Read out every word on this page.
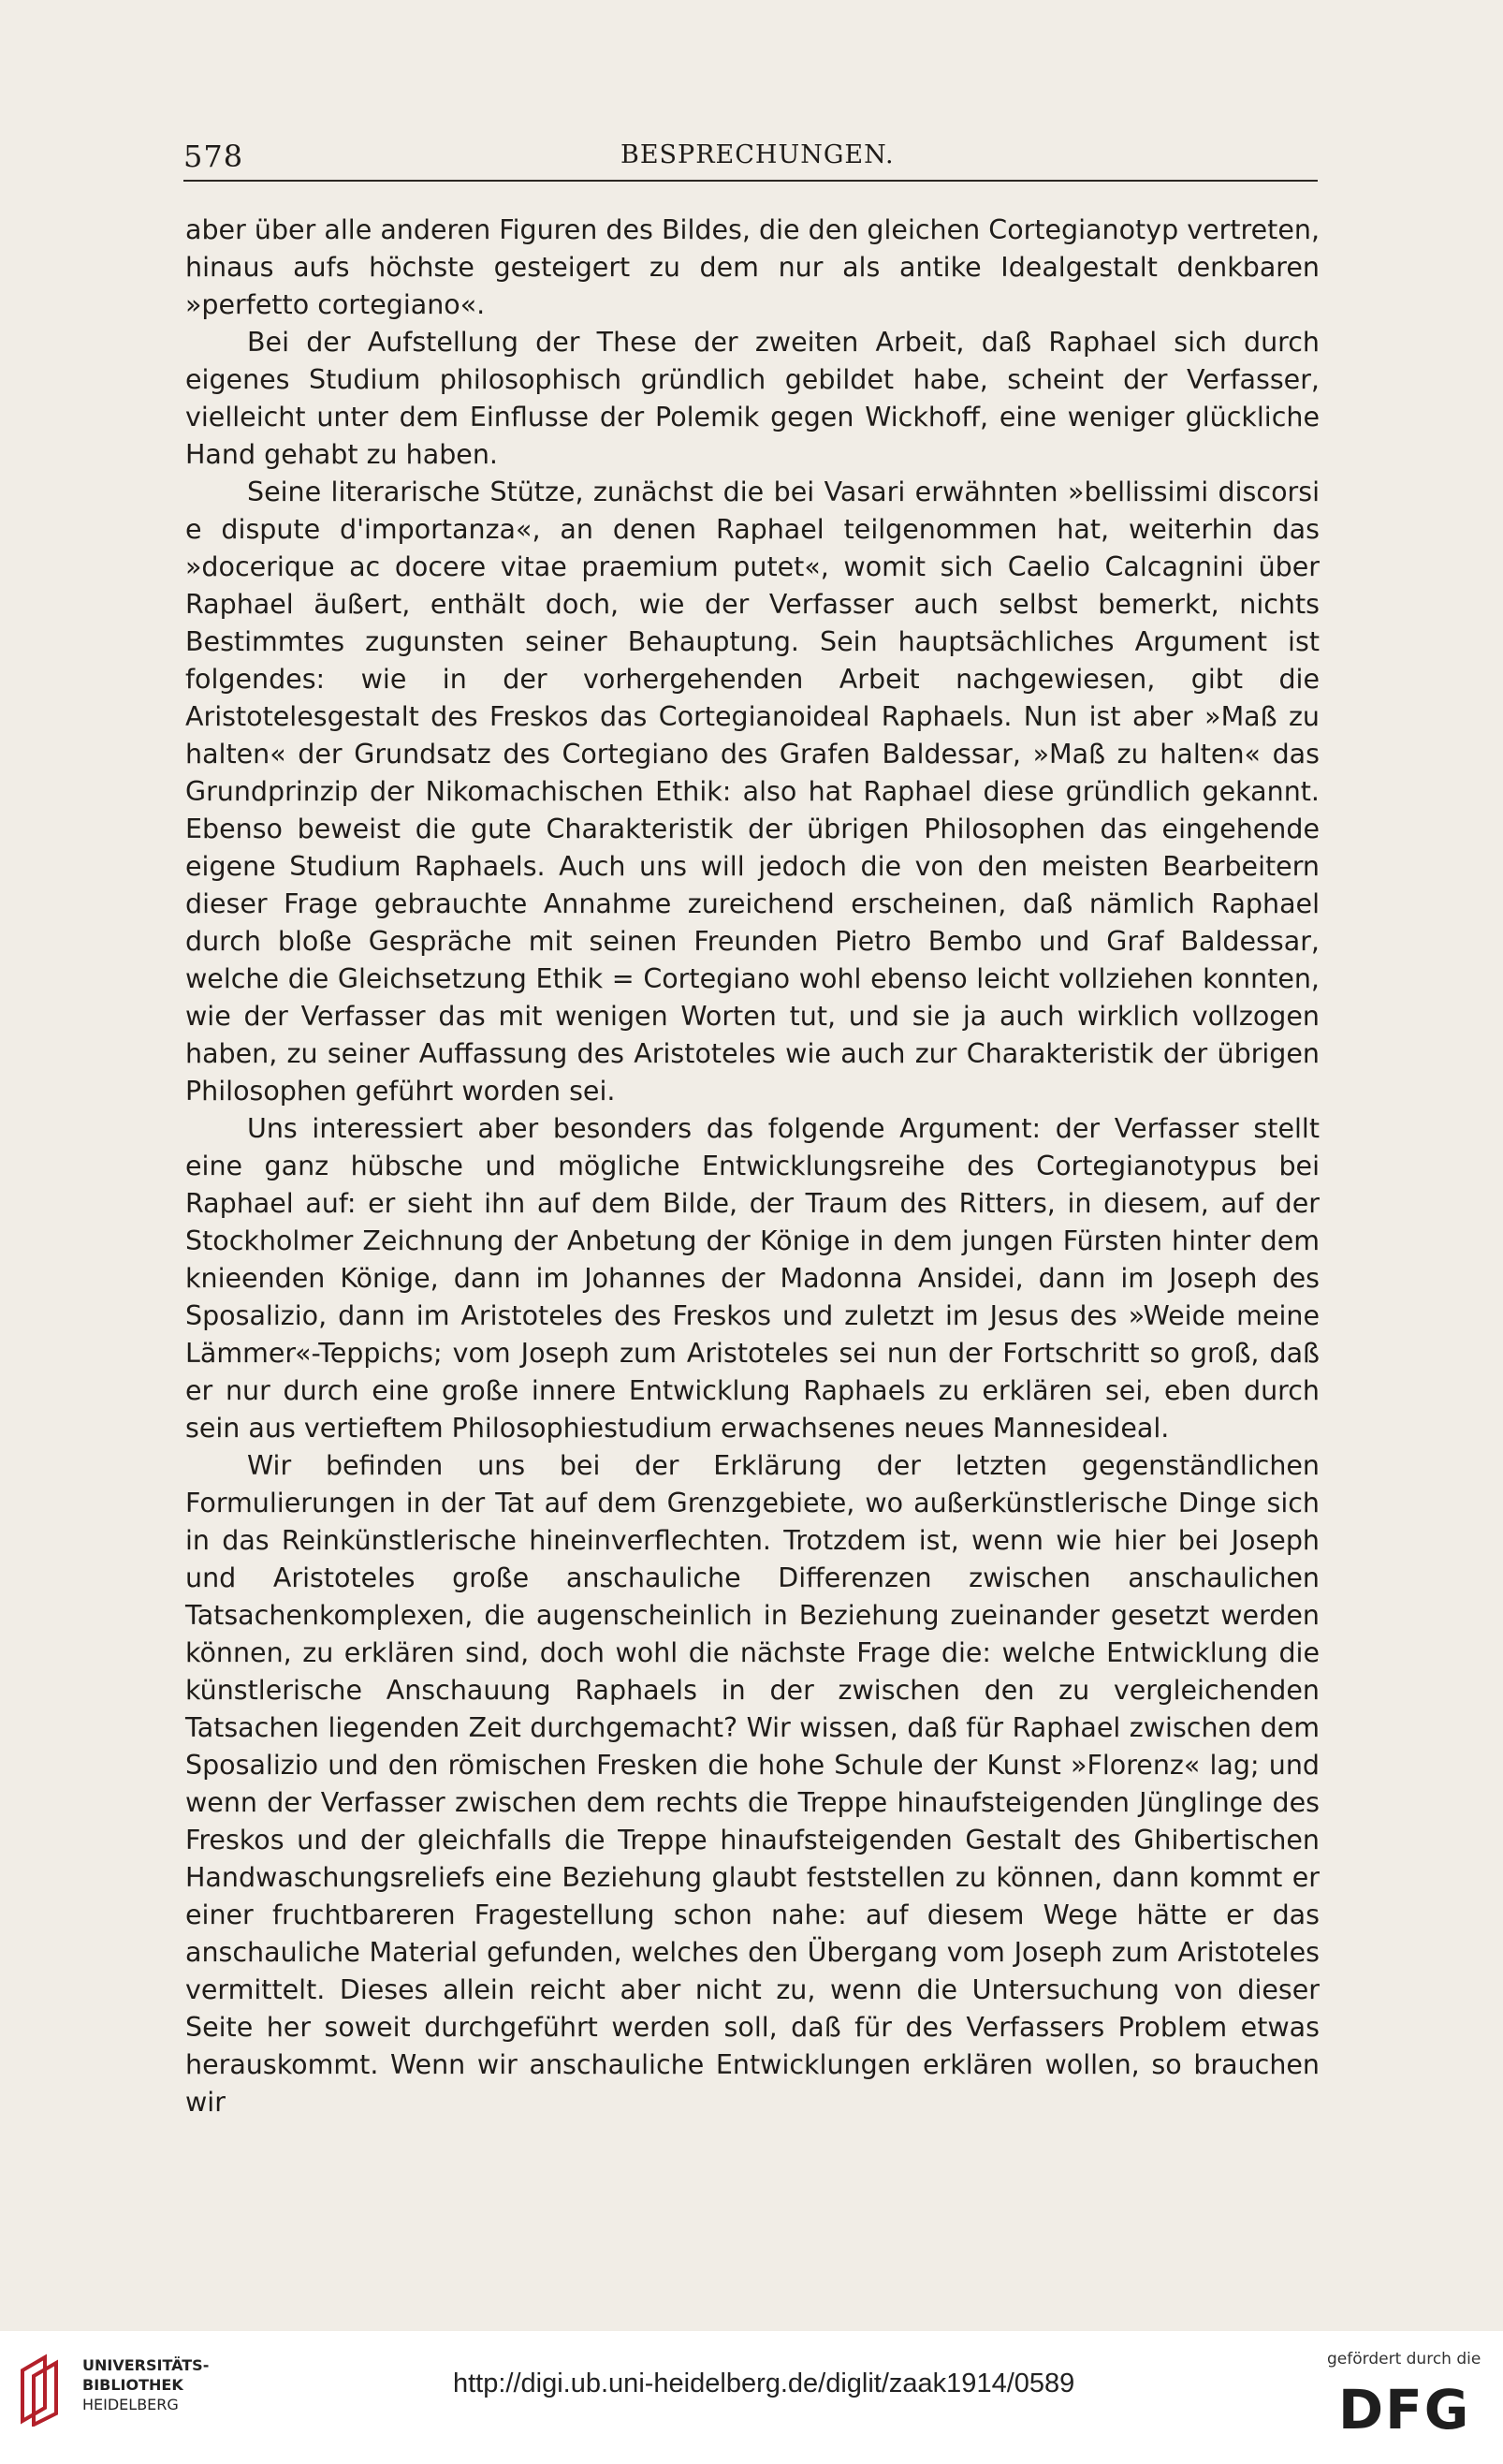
578	BESPRECHUNGEN.

aber über alle anderen Figuren des Bildes, die den gleichen Cortegianotyp vertreten, hinaus aufs höchste gesteigert zu dem nur als antike Idealgestalt denkbaren »perfetto cortegiano«.

Bei der Aufstellung der These der zweiten Arbeit, daß Raphael sich durch eigenes Studium philosophisch gründlich gebildet habe, scheint der Verfasser, vielleicht unter dem Einflusse der Polemik gegen Wickhoff, eine weniger glückliche Hand gehabt zu haben.

Seine literarische Stütze, zunächst die bei Vasari erwähnten »bellissimi discorsi e dispute d'importanza«, an denen Raphael teilgenommen hat, weiterhin das »docerique ac docere vitae praemium putet«, womit sich Caelio Calcagnini über Raphael äußert, enthält doch, wie der Verfasser auch selbst bemerkt, nichts Bestimmtes zugunsten seiner Behauptung. Sein hauptsächliches Argument ist folgendes: wie in der vorhergehenden Arbeit nachgewiesen, gibt die Aristotelesgestalt des Freskos das Cortegianoideal Raphaels. Nun ist aber »Maß zu halten« der Grundsatz des Cortegiano des Grafen Baldessar, »Maß zu halten« das Grundprinzip der Nikomachischen Ethik: also hat Raphael diese gründlich gekannt. Ebenso beweist die gute Charakteristik der übrigen Philosophen das eingehende eigene Studium Raphaels. Auch uns will jedoch die von den meisten Bearbeitern dieser Frage gebrauchte Annahme zureichend erscheinen, daß nämlich Raphael durch bloße Gespräche mit seinen Freunden Pietro Bembo und Graf Baldessar, welche die Gleichsetzung Ethik = Cortegiano wohl ebenso leicht vollziehen konnten, wie der Verfasser das mit wenigen Worten tut, und sie ja auch wirklich vollzogen haben, zu seiner Auffassung des Aristoteles wie auch zur Charakteristik der übrigen Philosophen geführt worden sei.

Uns interessiert aber besonders das folgende Argument: der Verfasser stellt eine ganz hübsche und mögliche Entwicklungsreihe des Cortegianotypus bei Raphael auf: er sieht ihn auf dem Bilde, der Traum des Ritters, in diesem, auf der Stockholmer Zeichnung der Anbetung der Könige in dem jungen Fürsten hinter dem knieenden Könige, dann im Johannes der Madonna Ansidei, dann im Joseph des Sposalizio, dann im Aristoteles des Freskos und zuletzt im Jesus des »Weide meine Lämmer«-Teppichs; vom Joseph zum Aristoteles sei nun der Fortschritt so groß, daß er nur durch eine große innere Entwicklung Raphaels zu erklären sei, eben durch sein aus vertieftem Philosophiestudium erwachsenes neues Mannesideal.

Wir befinden uns bei der Erklärung der letzten gegenständlichen Formulierungen in der Tat auf dem Grenzgebiete, wo außerkünstlerische Dinge sich in das Reinkünstlerische hineinverflechten. Trotzdem ist, wenn wie hier bei Joseph und Aristoteles große anschauliche Differenzen zwischen anschaulichen Tatsachenkomplexen, die augenscheinlich in Beziehung zueinander gesetzt werden können, zu erklären sind, doch wohl die nächste Frage die: welche Entwicklung die künstlerische Anschauung Raphaels in der zwischen den zu vergleichenden Tatsachen liegenden Zeit durchgemacht? Wir wissen, daß für Raphael zwischen dem Sposalizio und den römischen Fresken die hohe Schule der Kunst »Florenz« lag; und wenn der Verfasser zwischen dem rechts die Treppe hinaufsteigenden Jünglinge des Freskos und der gleichfalls die Treppe hinaufsteigenden Gestalt des Ghibertischen Handwaschungsreliefs eine Beziehung glaubt feststellen zu können, dann kommt er einer fruchtbareren Fragestellung schon nahe: auf diesem Wege hätte er das anschauliche Material gefunden, welches den Übergang vom Joseph zum Aristoteles vermittelt. Dieses allein reicht aber nicht zu, wenn die Untersuchung von dieser Seite her soweit durchgeführt werden soll, daß für des Verfassers Problem etwas herauskommt. Wenn wir anschauliche Entwicklungen erklären wollen, so brauchen wir

UNIVERSITÄTS-
BIBLIOTHEK
HEIDELBERG
http://digi.ub.uni-heidelberg.de/diglit/zaak1914/0589
gefördert durch die
DFG
